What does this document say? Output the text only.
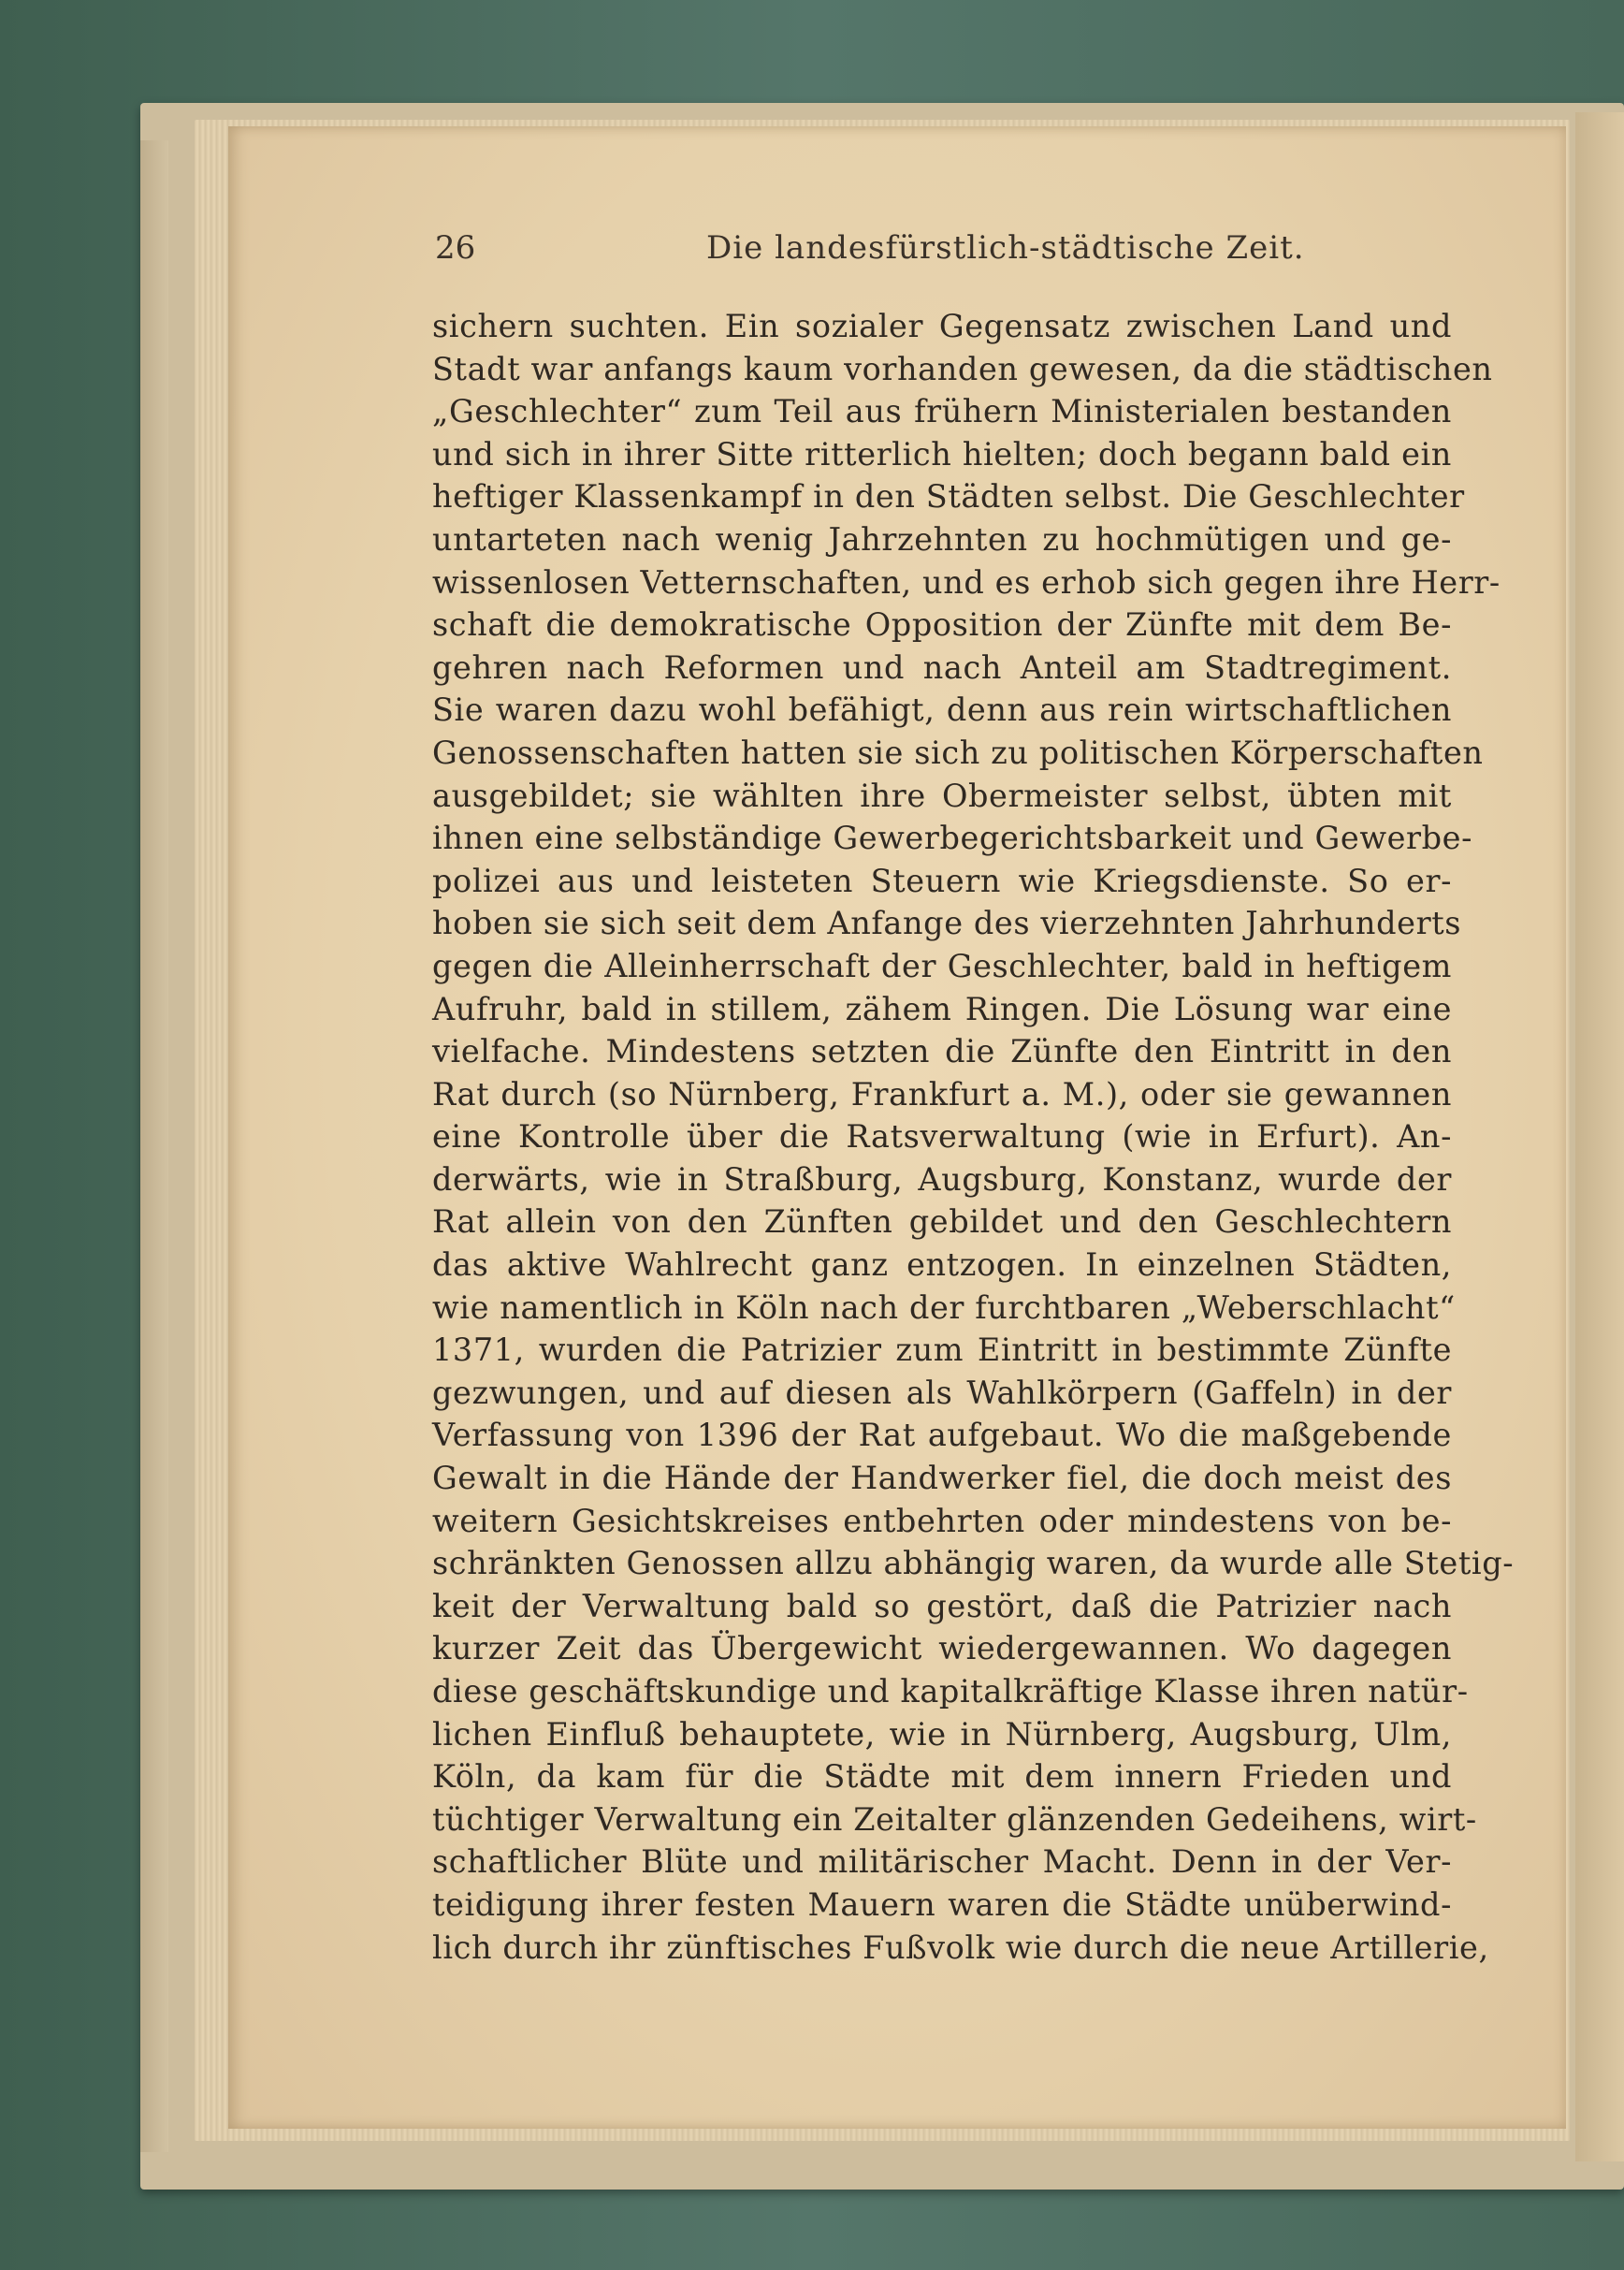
26	Die landesfürstlich-städtische Zeit.
sichern suchten. Ein sozialer Gegensatz zwischen Land und
Stadt war anfangs kaum vorhanden gewesen, da die städtischen
„Geschlechter“ zum Teil aus frühern Ministerialen bestanden
und sich in ihrer Sitte ritterlich hielten; doch begann bald ein
heftiger Klassenkampf in den Städten selbst. Die Geschlechter
untarteten nach wenig Jahrzehnten zu hochmütigen und ge-
wissenlosen Vetternschaften, und es erhob sich gegen ihre Herr-
schaft die demokratische Opposition der Zünfte mit dem Be-
gehren nach Reformen und nach Anteil am Stadtregiment.
Sie waren dazu wohl befähigt, denn aus rein wirtschaftlichen
Genossenschaften hatten sie sich zu politischen Körperschaften
ausgebildet; sie wählten ihre Obermeister selbst, übten mit
ihnen eine selbständige Gewerbegerichtsbarkeit und Gewerbe-
polizei aus und leisteten Steuern wie Kriegsdienste. So er-
hoben sie sich seit dem Anfange des vierzehnten Jahrhunderts
gegen die Alleinherrschaft der Geschlechter, bald in heftigem
Aufruhr, bald in stillem, zähem Ringen. Die Lösung war eine
vielfache. Mindestens setzten die Zünfte den Eintritt in den
Rat durch (so Nürnberg, Frankfurt a. M.), oder sie gewannen
eine Kontrolle über die Ratsverwaltung (wie in Erfurt). An-
derwärts, wie in Straßburg, Augsburg, Konstanz, wurde der
Rat allein von den Zünften gebildet und den Geschlechtern
das aktive Wahlrecht ganz entzogen. In einzelnen Städten,
wie namentlich in Köln nach der furchtbaren „Weberschlacht“
1371, wurden die Patrizier zum Eintritt in bestimmte Zünfte
gezwungen, und auf diesen als Wahlkörpern (Gaffeln) in der
Verfassung von 1396 der Rat aufgebaut. Wo die maßgebende
Gewalt in die Hände der Handwerker fiel, die doch meist des
weitern Gesichtskreises entbehrten oder mindestens von be-
schränkten Genossen allzu abhängig waren, da wurde alle Stetig-
keit der Verwaltung bald so gestört, daß die Patrizier nach
kurzer Zeit das Übergewicht wiedergewannen. Wo dagegen
diese geschäftskundige und kapitalkräftige Klasse ihren natür-
lichen Einfluß behauptete, wie in Nürnberg, Augsburg, Ulm,
Köln, da kam für die Städte mit dem innern Frieden und
tüchtiger Verwaltung ein Zeitalter glänzenden Gedeihens, wirt-
schaftlicher Blüte und militärischer Macht. Denn in der Ver-
teidigung ihrer festen Mauern waren die Städte unüberwind-
lich durch ihr zünftisches Fußvolk wie durch die neue Artillerie,
